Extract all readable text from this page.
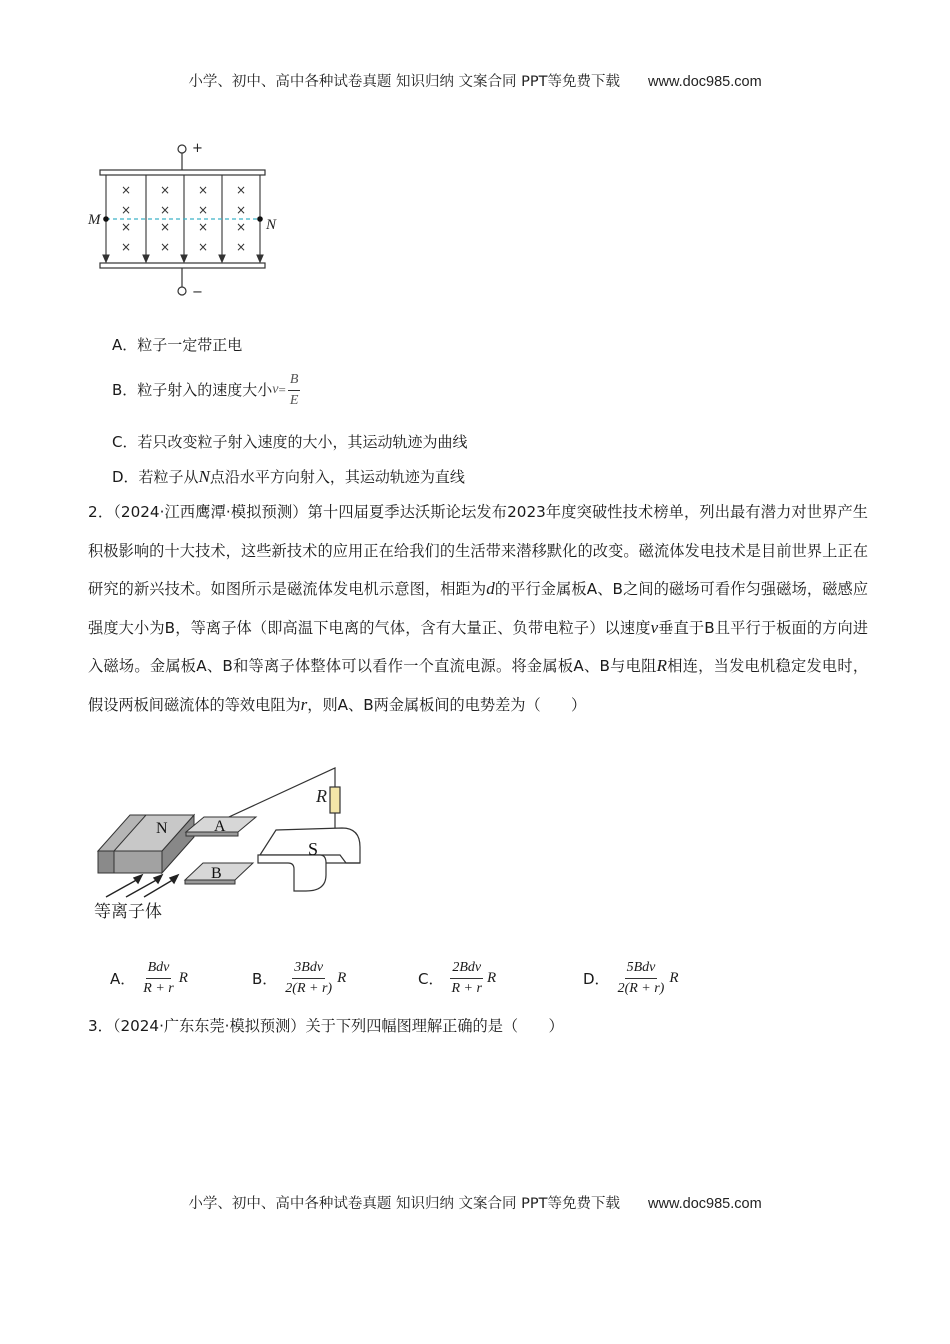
小学、初中、高中各种试卷真题 知识归纳 文案合同 PPT等免费下载 www.doc985.com
+
−
M	N
×
×
×
×
×
×
×
×
×
×
×
×
×
×
×
×
A．粒子一定带正电
B．粒子射入的速度大小 $v = \frac{B}{E}$
C．若只改变粒子射入速度的大小，其运动轨迹为曲线
D．若粒子从N点沿水平方向射入，其运动轨迹为直线
2．（2024·江西鹰潭·模拟预测）第十四届夏季达沃斯论坛发布2023年度突破性技术榜单，列出最有潜力对世界产生积极影响的十大技术，这些新技术的应用正在给我们的生活带来潜移默化的改变。磁流体发电技术是目前世界上正在研究的新兴技术。如图所示是磁流体发电机示意图，相距为d的平行金属板A、B之间的磁场可看作匀强磁场，磁感应强度大小为B，等离子体（即高温下电离的气体，含有大量正、负带电粒子）以速度v垂直于B且平行于板面的方向进入磁场。金属板A、B和等离子体整体可以看作一个直流电源。将金属板A、B与电阻R相连，当发电机稳定发电时，假设两板间磁流体的等效电阻为r，则A、B两金属板间的电势差为（　　）
R
N	A
B
S
等离子体
A． $\frac{\text{Bdv}}{R + r}$ R	B． $\frac{\text{3Bdv}}{2(R + r)}$ R	C． $\frac{\text{2Bdv}}{R + r}$ R	D． $\frac{\text{5Bdv}}{2(R + r)}$ R
3．（2024·广东东莞·模拟预测）关于下列四幅图理解正确的是（　　）
小学、初中、高中各种试卷真题 知识归纳 文案合同 PPT等免费下载 www.doc985.com
